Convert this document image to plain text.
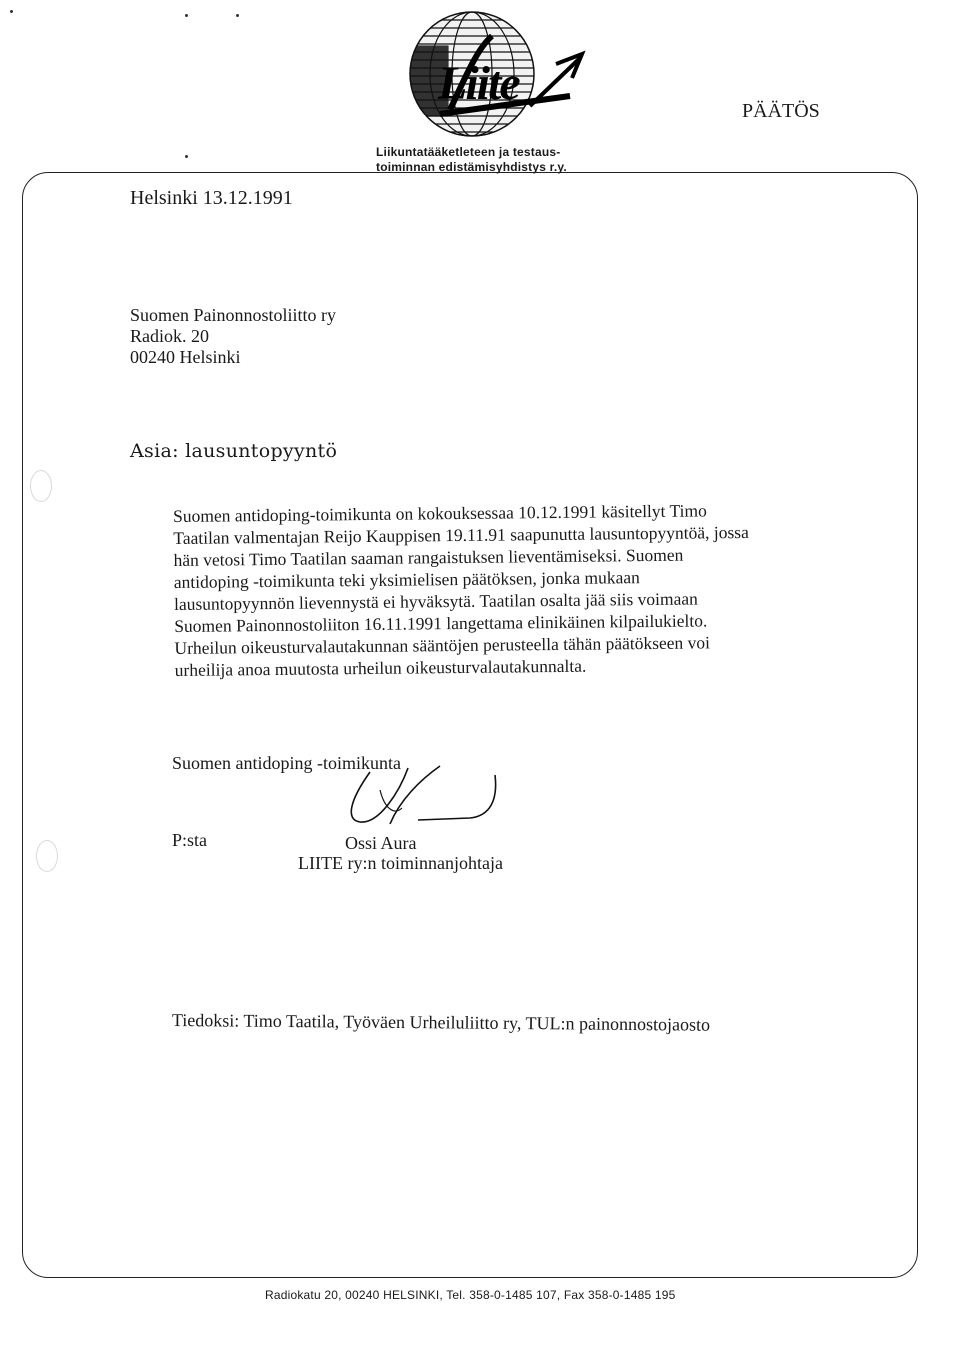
Liite
Liikuntatääketleteen ja testaus-
toiminnan edistämisyhdistys r.y.
PÄÄTÖS
Helsinki 13.12.1991
Suomen Painonnostoliitto ry
Radiok. 20
00240 Helsinki
Asia: lausuntopyyntö
Suomen antidoping-toimikunta on kokouksessaa 10.12.1991 käsitellyt Timo
Taatilan valmentajan Reijo Kauppisen 19.11.91 saapunutta lausuntopyyntöä, jossa
hän vetosi Timo Taatilan saaman rangaistuksen lieventämiseksi. Suomen
antidoping -toimikunta teki yksimielisen päätöksen, jonka mukaan
lausuntopyynnön lievennystä ei hyväksytä. Taatilan osalta jää siis voimaan
Suomen Painonnostoliiton 16.11.1991 langettama elinikäinen kilpailukielto.
Urheilun oikeusturvalautakunnan sääntöjen perusteella tähän päätökseen voi
urheilija anoa muutosta urheilun oikeusturvalautakunnalta.
Suomen antidoping -toimikunta
P:sta	Ossi Aura
LIITE ry:n toiminnanjohtaja
Tiedoksi: Timo Taatila, Työväen Urheiluliitto ry, TUL:n painonnostojaosto
Radiokatu 20, 00240 HELSINKI, Tel. 358-0-1485 107, Fax 358-0-1485 195
